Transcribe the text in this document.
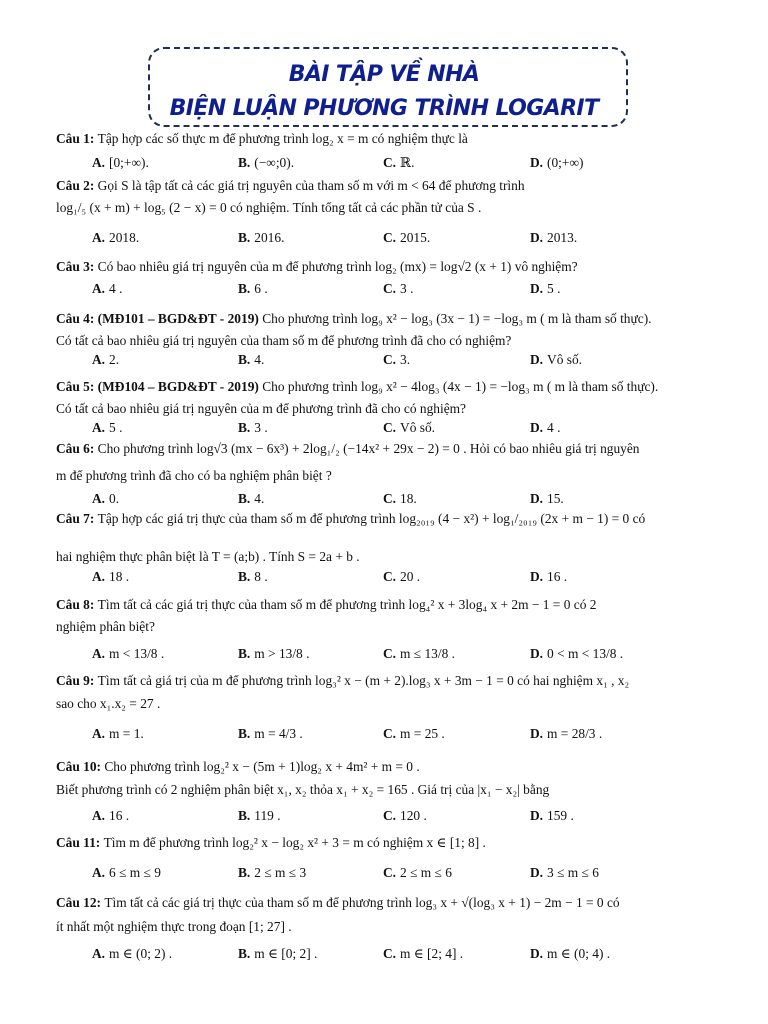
BÀI TẬP VỀ NHÀ
BIỆN LUẬN PHƯƠNG TRÌNH LOGARIT
Câu 1: Tập hợp các số thực m để phương trình log₂ x = m có nghiệm thực là
A. [0;+∞).	B. (−∞;0).	C. ℝ.	D. (0;+∞)
Câu 2: Gọi S là tập tất cả các giá trị nguyên của tham số m với m < 64 để phương trình
log₁/₅ (x + m) + log₅ (2 − x) = 0 có nghiệm. Tính tổng tất cả các phần tử của S .
A. 2018.	B. 2016.	C. 2015.	D. 2013.
Câu 3: Có bao nhiêu giá trị nguyên của m để phương trình log₂ (mx) = log√2 (x + 1) vô nghiệm?
A. 4 .	B. 6 .	C. 3 .	D. 5 .
Câu 4: (MĐ101 – BGD&ĐT - 2019) Cho phương trình log₉ x² − log₃ (3x − 1) = −log₃ m ( m là tham số thực).
Có tất cả bao nhiêu giá trị nguyên của tham số m để phương trình đã cho có nghiệm?
A. 2.	B. 4.	C. 3.	D. Vô số.
Câu 5: (MĐ104 – BGD&ĐT - 2019) Cho phương trình log₉ x² − 4log₃ (4x − 1) = −log₃ m ( m là tham số thực).
Có tất cả bao nhiêu giá trị nguyên của m để phương trình đã cho có nghiệm?
A. 5 .	B. 3 .	C. Vô số.	D. 4 .
Câu 6: Cho phương trình log√3 (mx − 6x³) + 2log₁/₂ (−14x² + 29x − 2) = 0 . Hỏi có bao nhiêu giá trị nguyên
m để phương trình đã cho có ba nghiệm phân biệt ?
A. 0.	B. 4.	C. 18.	D. 15.
Câu 7: Tập hợp các giá trị thực của tham số m để phương trình log₂₀₁₉ (4 − x²) + log₁/₂₀₁₉ (2x + m − 1) = 0 có
hai nghiệm thực phân biệt là T = (a;b) . Tính S = 2a + b .
A. 18 .	B. 8 .	C. 20 .	D. 16 .
Câu 8: Tìm tất cả các giá trị thực của tham số m để phương trình log₄² x + 3log₄ x + 2m − 1 = 0 có 2
nghiệm phân biệt?
A. m < 13/8 .	B. m > 13/8 .	C. m ≤ 13/8 .	D. 0 < m < 13/8 .
Câu 9: Tìm tất cả giá trị của m để phương trình log₃² x − (m + 2).log₃ x + 3m − 1 = 0 có hai nghiệm x₁ , x₂
sao cho x₁.x₂ = 27 .
A. m = 1.	B. m = 4/3 .	C. m = 25 .	D. m = 28/3 .
Câu 10: Cho phương trình log₂² x − (5m + 1)log₂ x + 4m² + m = 0 .
Biết phương trình có 2 nghiệm phân biệt x₁, x₂ thỏa x₁ + x₂ = 165 . Giá trị của |x₁ − x₂| bằng
A. 16 .	B. 119 .	C. 120 .	D. 159 .
Câu 11: Tìm m để phương trình log₂² x − log₂ x² + 3 = m có nghiệm x ∈ [1; 8] .
A. 6 ≤ m ≤ 9	B. 2 ≤ m ≤ 3	C. 2 ≤ m ≤ 6	D. 3 ≤ m ≤ 6
Câu 12: Tìm tất cả các giá trị thực của tham số m để phương trình log₃ x + √(log₃ x + 1) − 2m − 1 = 0 có
ít nhất một nghiệm thực trong đoạn [1; 27] .
A. m ∈ (0; 2) .	B. m ∈ [0; 2] .	C. m ∈ [2; 4] .	D. m ∈ (0; 4) .
